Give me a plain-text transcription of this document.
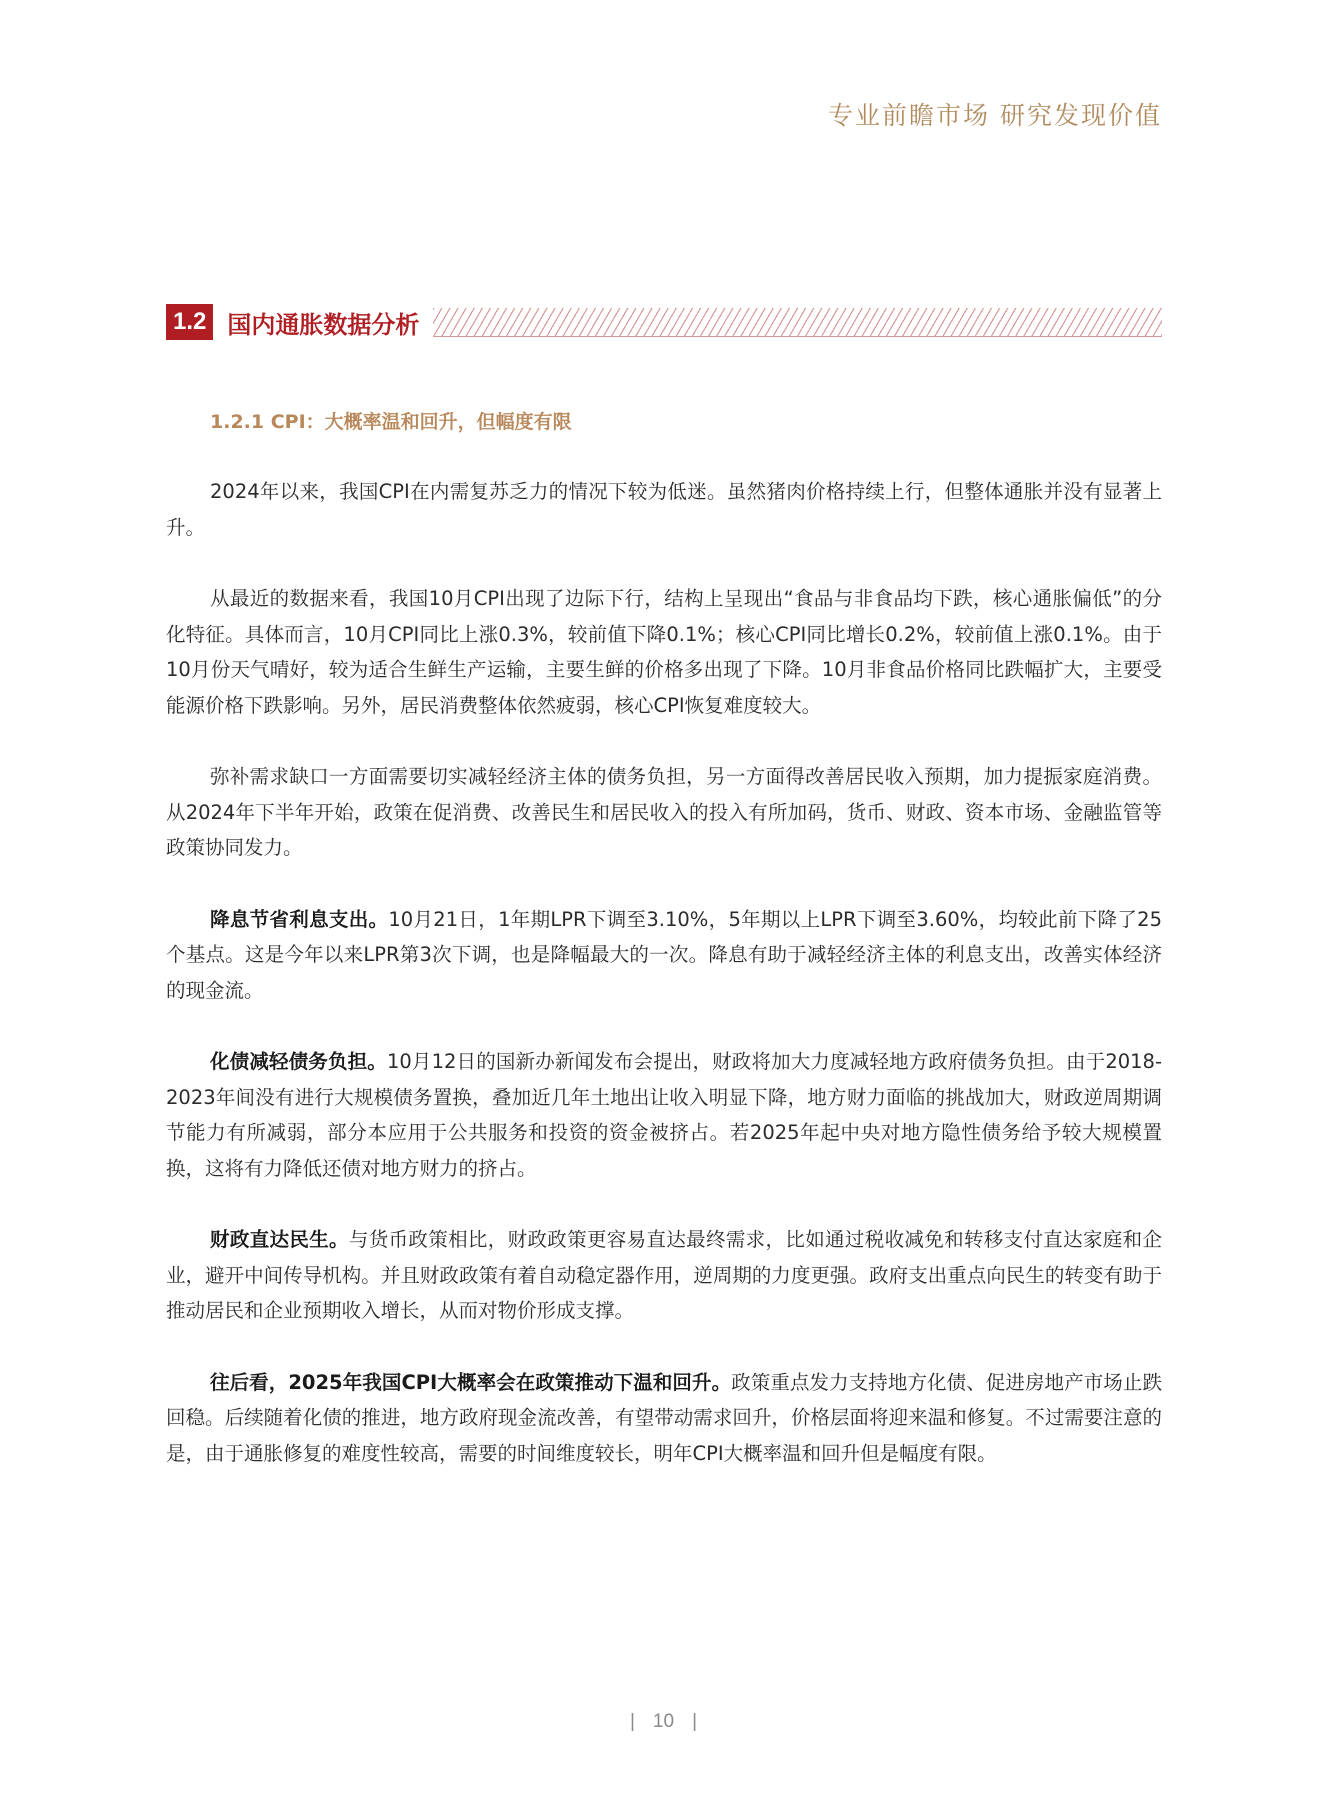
专业前瞻市场 研究发现价值
1.2 国内通胀数据分析
1.2.1 CPI：大概率温和回升，但幅度有限

2024年以来，我国CPI在内需复苏乏力的情况下较为低迷。虽然猪肉价格持续上行，但整体通胀并没有显著上升。

从最近的数据来看，我国10月CPI出现了边际下行，结构上呈现出“食品与非食品均下跌，核心通胀偏低”的分化特征。具体而言，10月CPI同比上涨0.3%，较前值下降0.1%；核心CPI同比增长0.2%，较前值上涨0.1%。由于10月份天气晴好，较为适合生鲜生产运输，主要生鲜的价格多出现了下降。10月非食品价格同比跌幅扩大，主要受能源价格下跌影响。另外，居民消费整体依然疲弱，核心CPI恢复难度较大。

弥补需求缺口一方面需要切实减轻经济主体的债务负担，另一方面得改善居民收入预期，加力提振家庭消费。从2024年下半年开始，政策在促消费、改善民生和居民收入的投入有所加码，货币、财政、资本市场、金融监管等政策协同发力。

降息节省利息支出。10月21日，1年期LPR下调至3.10%，5年期以上LPR下调至3.60%，均较此前下降了25个基点。这是今年以来LPR第3次下调，也是降幅最大的一次。降息有助于减轻经济主体的利息支出，改善实体经济的现金流。

化债减轻债务负担。10月12日的国新办新闻发布会提出，财政将加大力度减轻地方政府债务负担。由于2018-2023年间没有进行大规模债务置换，叠加近几年土地出让收入明显下降，地方财力面临的挑战加大，财政逆周期调节能力有所减弱，部分本应用于公共服务和投资的资金被挤占。若2025年起中央对地方隐性债务给予较大规模置换，这将有力降低还债对地方财力的挤占。

财政直达民生。与货币政策相比，财政政策更容易直达最终需求，比如通过税收减免和转移支付直达家庭和企业，避开中间传导机构。并且财政政策有着自动稳定器作用，逆周期的力度更强。政府支出重点向民生的转变有助于推动居民和企业预期收入增长，从而对物价形成支撑。

往后看，2025年我国CPI大概率会在政策推动下温和回升。政策重点发力支持地方化债、促进房地产市场止跌回稳。后续随着化债的推进，地方政府现金流改善，有望带动需求回升，价格层面将迎来温和修复。不过需要注意的是，由于通胀修复的难度性较高，需要的时间维度较长，明年CPI大概率温和回升但是幅度有限。

| 10 |
